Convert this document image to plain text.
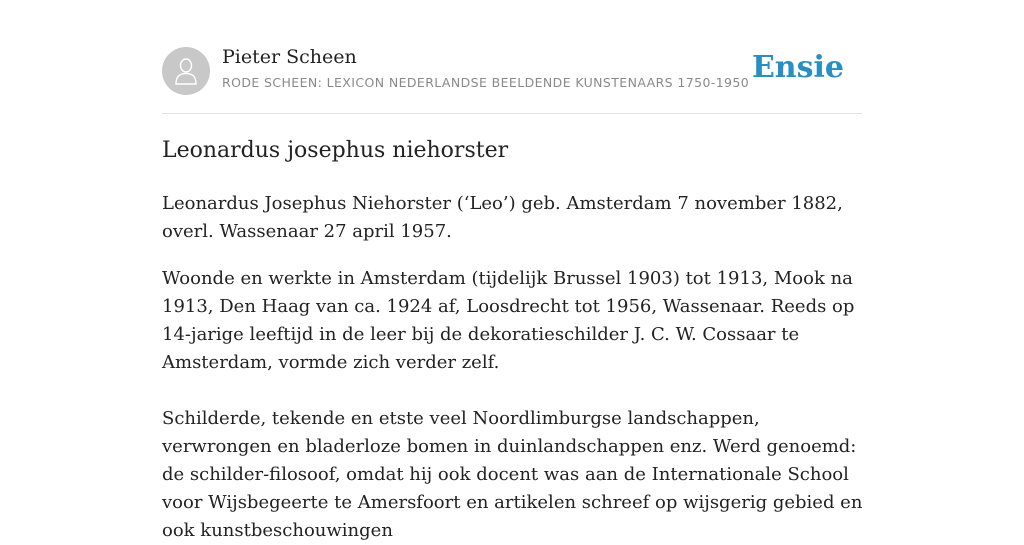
Pieter Scheen
RODE SCHEEN: LEXICON NEDERLANDSE BEELDENDE KUNSTENAARS 1750-1950 Ensie
Leonardus josephus niehorster

Leonardus Josephus Niehorster (‘Leo’) geb. Amsterdam 7 november 1882, overl. Wassenaar 27 april 1957.

Woonde en werkte in Amsterdam (tijdelijk Brussel 1903) tot 1913, Mook na 1913, Den Haag van ca. 1924 af, Loosdrecht tot 1956, Wassenaar. Reeds op 14-jarige leeftijd in de leer bij de dekoratieschilder J. C. W. Cossaar te Amsterdam, vormde zich verder zelf.

Schilderde, tekende en etste veel Noordlimburgse landschappen, verwrongen en bladerloze bomen in duinlandschappen enz. Werd genoemd: de schilder-filosoof, omdat hij ook docent was aan de Internationale School voor Wijsbegeerte te Amersfoort en artikelen schreef op wijsgerig gebied en ook kunstbeschouwingen
